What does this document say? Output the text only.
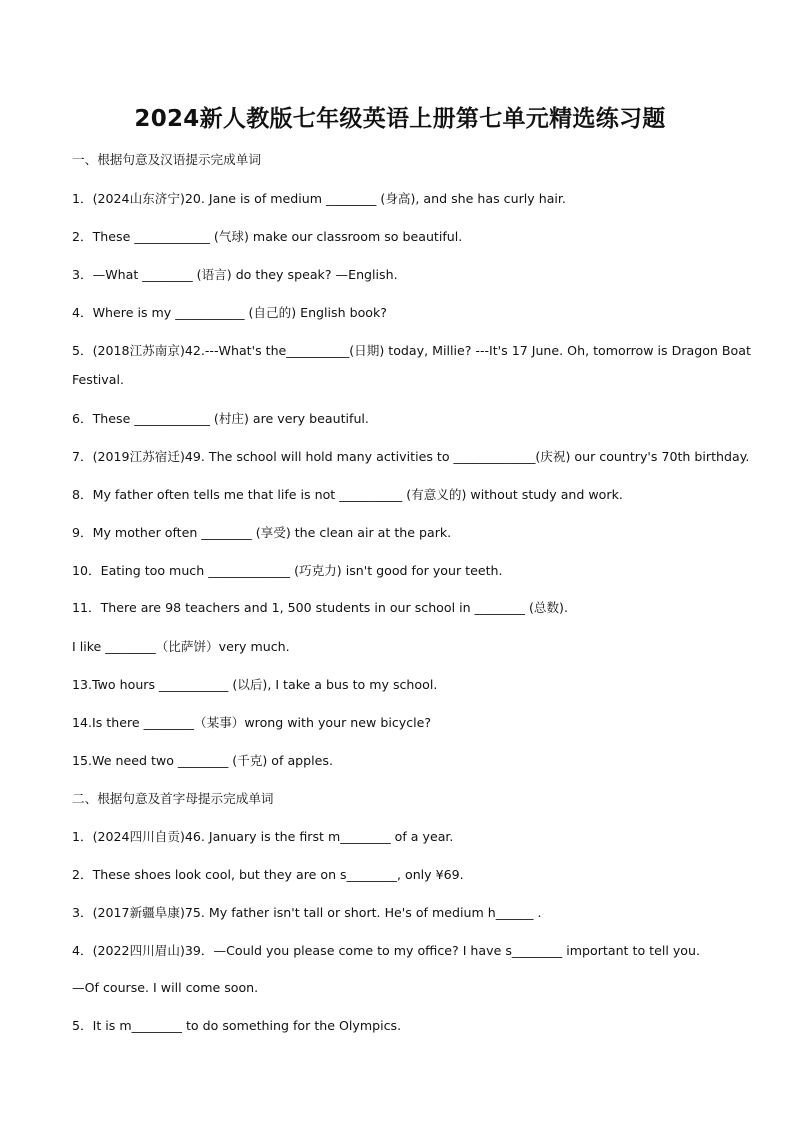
2024新人教版七年级英语上册第七单元精选练习题
一、根据句意及汉语提示完成单词
1．(2024山东济宁)20. Jane is of medium ________ (身高), and she has curly hair.
2．These ____________ (气球) make our classroom so beautiful.
3．—What ________ (语言) do they speak? —English.
4．Where is my ___________ (自己的) English book?
5．(2018江苏南京)42.---What's the__________(日期) today, Millie? ---It's 17 June. Oh, tomorrow is Dragon Boat
Festival.
6．These ____________ (村庄) are very beautiful.
7．(2019江苏宿迁)49. The school will hold many activities to _____________(庆祝) our country's 70th birthday.
8．My father often tells me that life is not __________ (有意义的) without study and work.
9．My mother often ________ (享受) the clean air at the park.
10．Eating too much _____________ (巧克力) isn't good for your teeth.
11．There are 98 teachers and 1, 500 students in our school in ________ (总数).
I like ________（比萨饼）very much.
13.Two hours ___________ (以后), I take a bus to my school.
14.Is there ________（某事）wrong with your new bicycle?
15.We need two ________ (千克) of apples.
二、根据句意及首字母提示完成单词
1．(2024四川自贡)46. January is the first m________ of a year.
2．These shoes look cool, but they are on s________, only ¥69.
3．(2017新疆阜康)75. My father isn't tall or short. He's of medium h______ .
4．(2022四川眉山)39．—Could you please come to my office? I have s________ important to tell you.
—Of course. I will come soon.
5．It is m________ to do something for the Olympics.
